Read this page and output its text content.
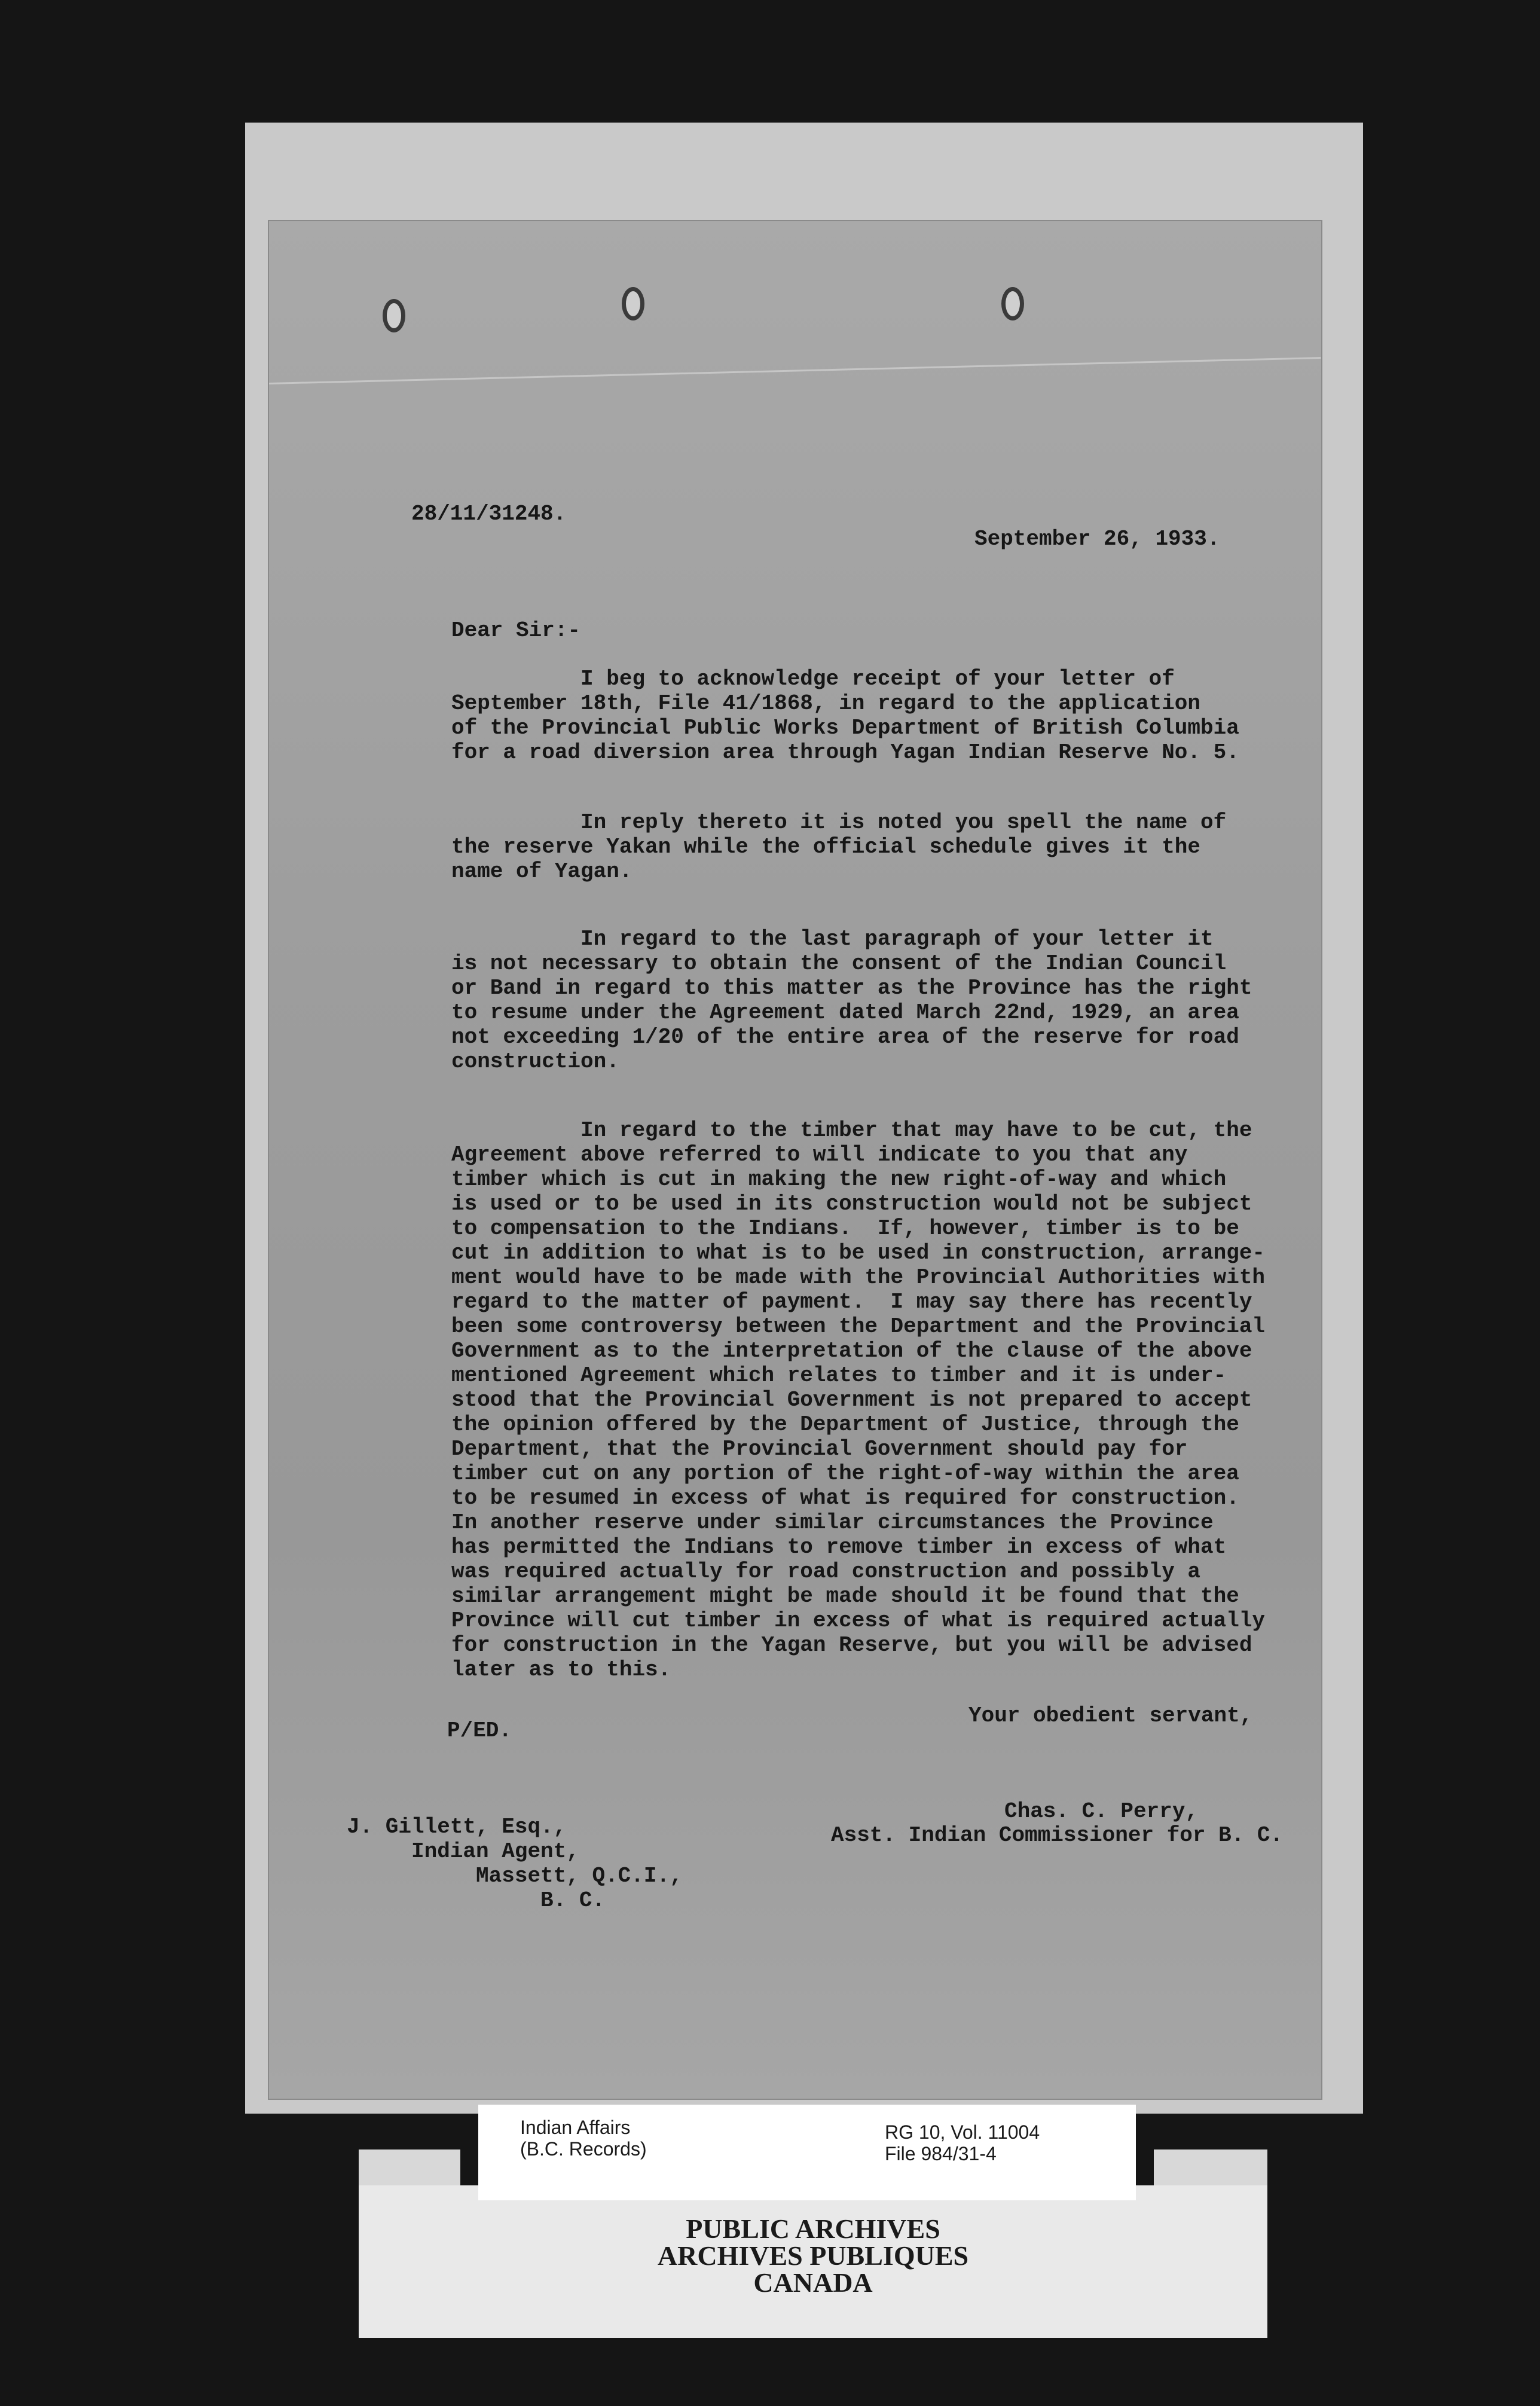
28/11/31248.
September 26, 1933.
Dear Sir:-
I beg to acknowledge receipt of your letter of
September 18th, File 41/1868, in regard to the application
of the Provincial Public Works Department of British Columbia
for a road diversion area through Yagan Indian Reserve No. 5.
In reply thereto it is noted you spell the name of
the reserve Yakan while the official schedule gives it the
name of Yagan.
In regard to the last paragraph of your letter it
is not necessary to obtain the consent of the Indian Council
or Band in regard to this matter as the Province has the right
to resume under the Agreement dated March 22nd, 1929, an area
not exceeding 1/20 of the entire area of the reserve for road
construction.
In regard to the timber that may have to be cut, the
Agreement above referred to will indicate to you that any
timber which is cut in making the new right-of-way and which
is used or to be used in its construction would not be subject
to compensation to the Indians.  If, however, timber is to be
cut in addition to what is to be used in construction, arrange-
ment would have to be made with the Provincial Authorities with
regard to the matter of payment.  I may say there has recently
been some controversy between the Department and the Provincial
Government as to the interpretation of the clause of the above
mentioned Agreement which relates to timber and it is under-
stood that the Provincial Government is not prepared to accept
the opinion offered by the Department of Justice, through the
Department, that the Provincial Government should pay for
timber cut on any portion of the right-of-way within the area
to be resumed in excess of what is required for construction.
In another reserve under similar circumstances the Province
has permitted the Indians to remove timber in excess of what
was required actually for road construction and possibly a
similar arrangement might be made should it be found that the
Province will cut timber in excess of what is required actually
for construction in the Yagan Reserve, but you will be advised
later as to this.
Your obedient servant,
P/ED.
Chas. C. Perry,
Asst. Indian Commissioner for B. C.
J. Gillett, Esq.,
Indian Agent,
Massett, Q.C.I.,
B. C.
Indian Affairs
(B.C. Records)
RG 10, Vol. 11004
File 984/31-4
PUBLIC ARCHIVES
ARCHIVES PUBLIQUES
CANADA
